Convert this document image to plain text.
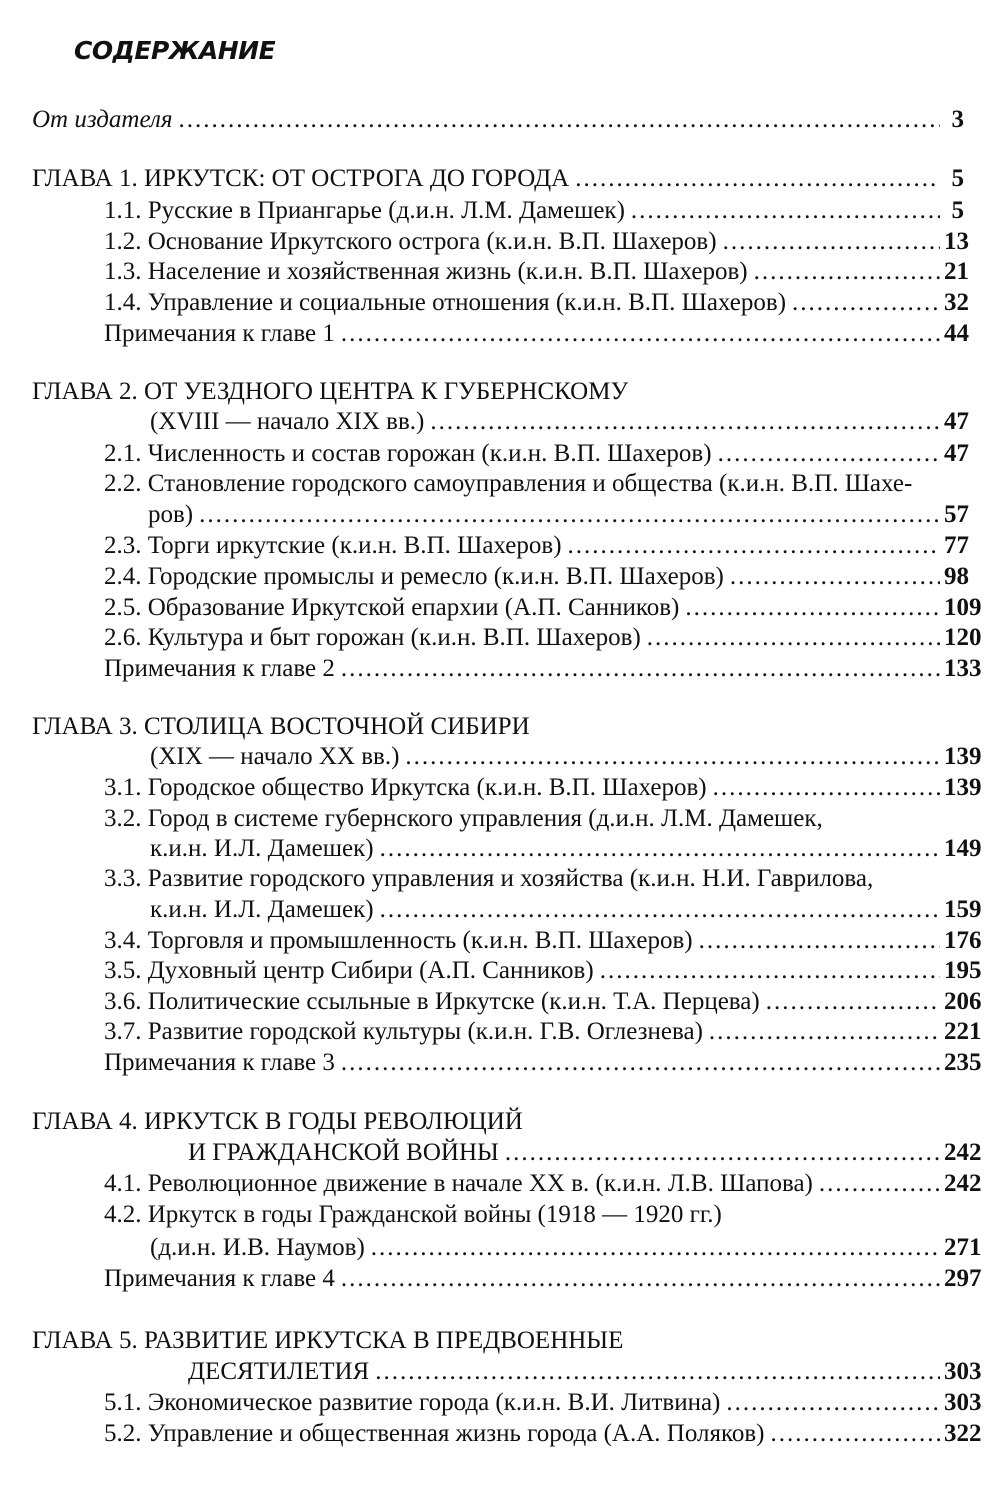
СОДЕРЖАНИЕ
От издателя .....	3
ГЛАВА 1. ИРКУТСК: ОТ ОСТРОГА ДО ГОРОДА .....	5
1.1. Русские в Приангарье (д.и.н. Л.М. Дамешек) .....	5
1.2. Основание Иркутского острога (к.и.н. В.П. Шахеров) .....	13
1.3. Население и хозяйственная жизнь (к.и.н. В.П. Шахеров) .....	21
1.4. Управление и социальные отношения (к.и.н. В.П. Шахеров) .....	32
Примечания к главе 1 .....	44
ГЛАВА 2. ОТ УЕЗДНОГО ЦЕНТРА К ГУБЕРНСКОМУ
(XVIII — начало XIX вв.) .....	47
2.1. Численность и состав горожан (к.и.н. В.П. Шахеров) .....	47
2.2. Становление городского самоуправления и общества (к.и.н. В.П. Шахе-
ров) .....	57
2.3. Торги иркутские (к.и.н. В.П. Шахеров) .....	77
2.4. Городские промыслы и ремесло (к.и.н. В.П. Шахеров) .....	98
2.5. Образование Иркутской епархии (А.П. Санников) .....	109
2.6. Культура и быт горожан (к.и.н. В.П. Шахеров) .....	120
Примечания к главе 2 .....	133
ГЛАВА 3. СТОЛИЦА ВОСТОЧНОЙ СИБИРИ
(XIX — начало XX вв.) .....	139
3.1. Городское общество Иркутска (к.и.н. В.П. Шахеров) .....	139
3.2. Город в системе губернского управления (д.и.н. Л.М. Дамешек,
к.и.н. И.Л. Дамешек) .....	149
3.3. Развитие городского управления и хозяйства (к.и.н. Н.И. Гаврилова,
к.и.н. И.Л. Дамешек) .....	159
3.4. Торговля и промышленность (к.и.н. В.П. Шахеров) .....	176
3.5. Духовный центр Сибири (А.П. Санников) .....	195
3.6. Политические ссыльные в Иркутске (к.и.н. Т.А. Перцева) .....	206
3.7. Развитие городской культуры (к.и.н. Г.В. Оглезнева) .....	221
Примечания к главе 3 .....	235
ГЛАВА 4. ИРКУТСК В ГОДЫ РЕВОЛЮЦИЙ
И ГРАЖДАНСКОЙ ВОЙНЫ .....	242
4.1. Революционное движение в начале XX в. (к.и.н. Л.В. Шапова) .....	242
4.2. Иркутск в годы Гражданской войны (1918 — 1920 гг.)
(д.и.н. И.В. Наумов) .....	271
Примечания к главе 4 .....	297
ГЛАВА 5. РАЗВИТИЕ ИРКУТСКА В ПРЕДВОЕННЫЕ
ДЕСЯТИЛЕТИЯ .....	303
5.1. Экономическое развитие города (к.и.н. В.И. Литвина) .....	303
5.2. Управление и общественная жизнь города (А.А. Поляков) .....	322
